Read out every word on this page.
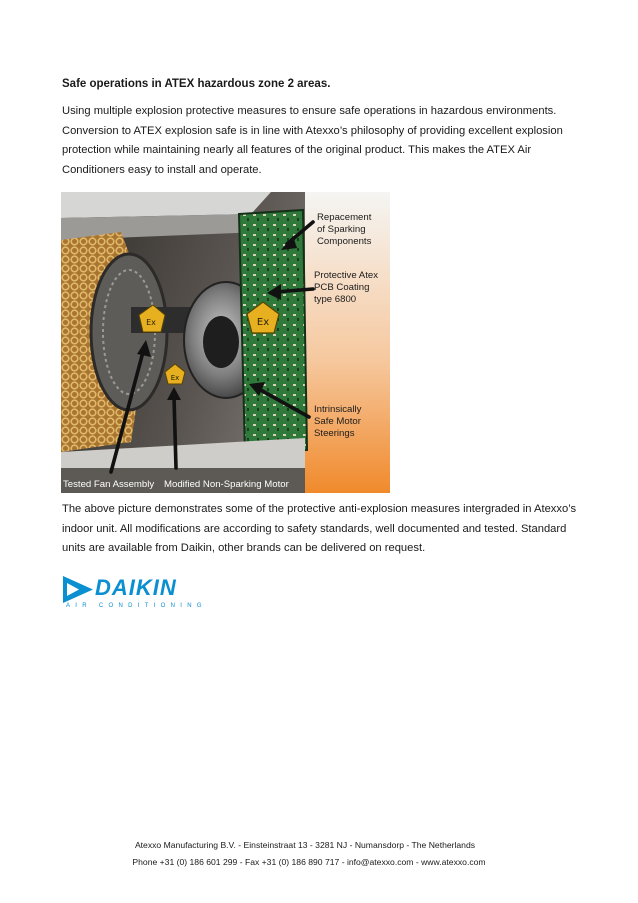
Safe operations in ATEX hazardous zone 2 areas.

Using multiple explosion protective measures to ensure safe operations in hazardous environments. Conversion to ATEX explosion safe is in line with Atexxo’s philosophy of providing excellent explosion protection while maintaining nearly all features of the original product. This makes the ATEX Air Conditioners easy to install and operate.

Ex
Ex
Ex
Repacement
of Sparking
Components
Protective Atex
PCB Coating
type 6800
Intrinsically
Safe Motor
Steerings
Tested Fan Assembly Modified Non-Sparking Motor

The above picture demonstrates some of the protective anti-explosion measures intergraded in Atexxo’s indoor unit. All modifications are according to safety standards, well documented and tested. Standard units are available from Daikin, other brands can be delivered on request.

DAIKIN
AIR CONDITIONING
Atexxo Manufacturing B.V. - Einsteinstraat 13 - 3281 NJ - Numansdorp - The Netherlands
Phone +31 (0) 186 601 299 - Fax +31 (0) 186 890 717 - info@atexxo.com - www.atexxo.com
